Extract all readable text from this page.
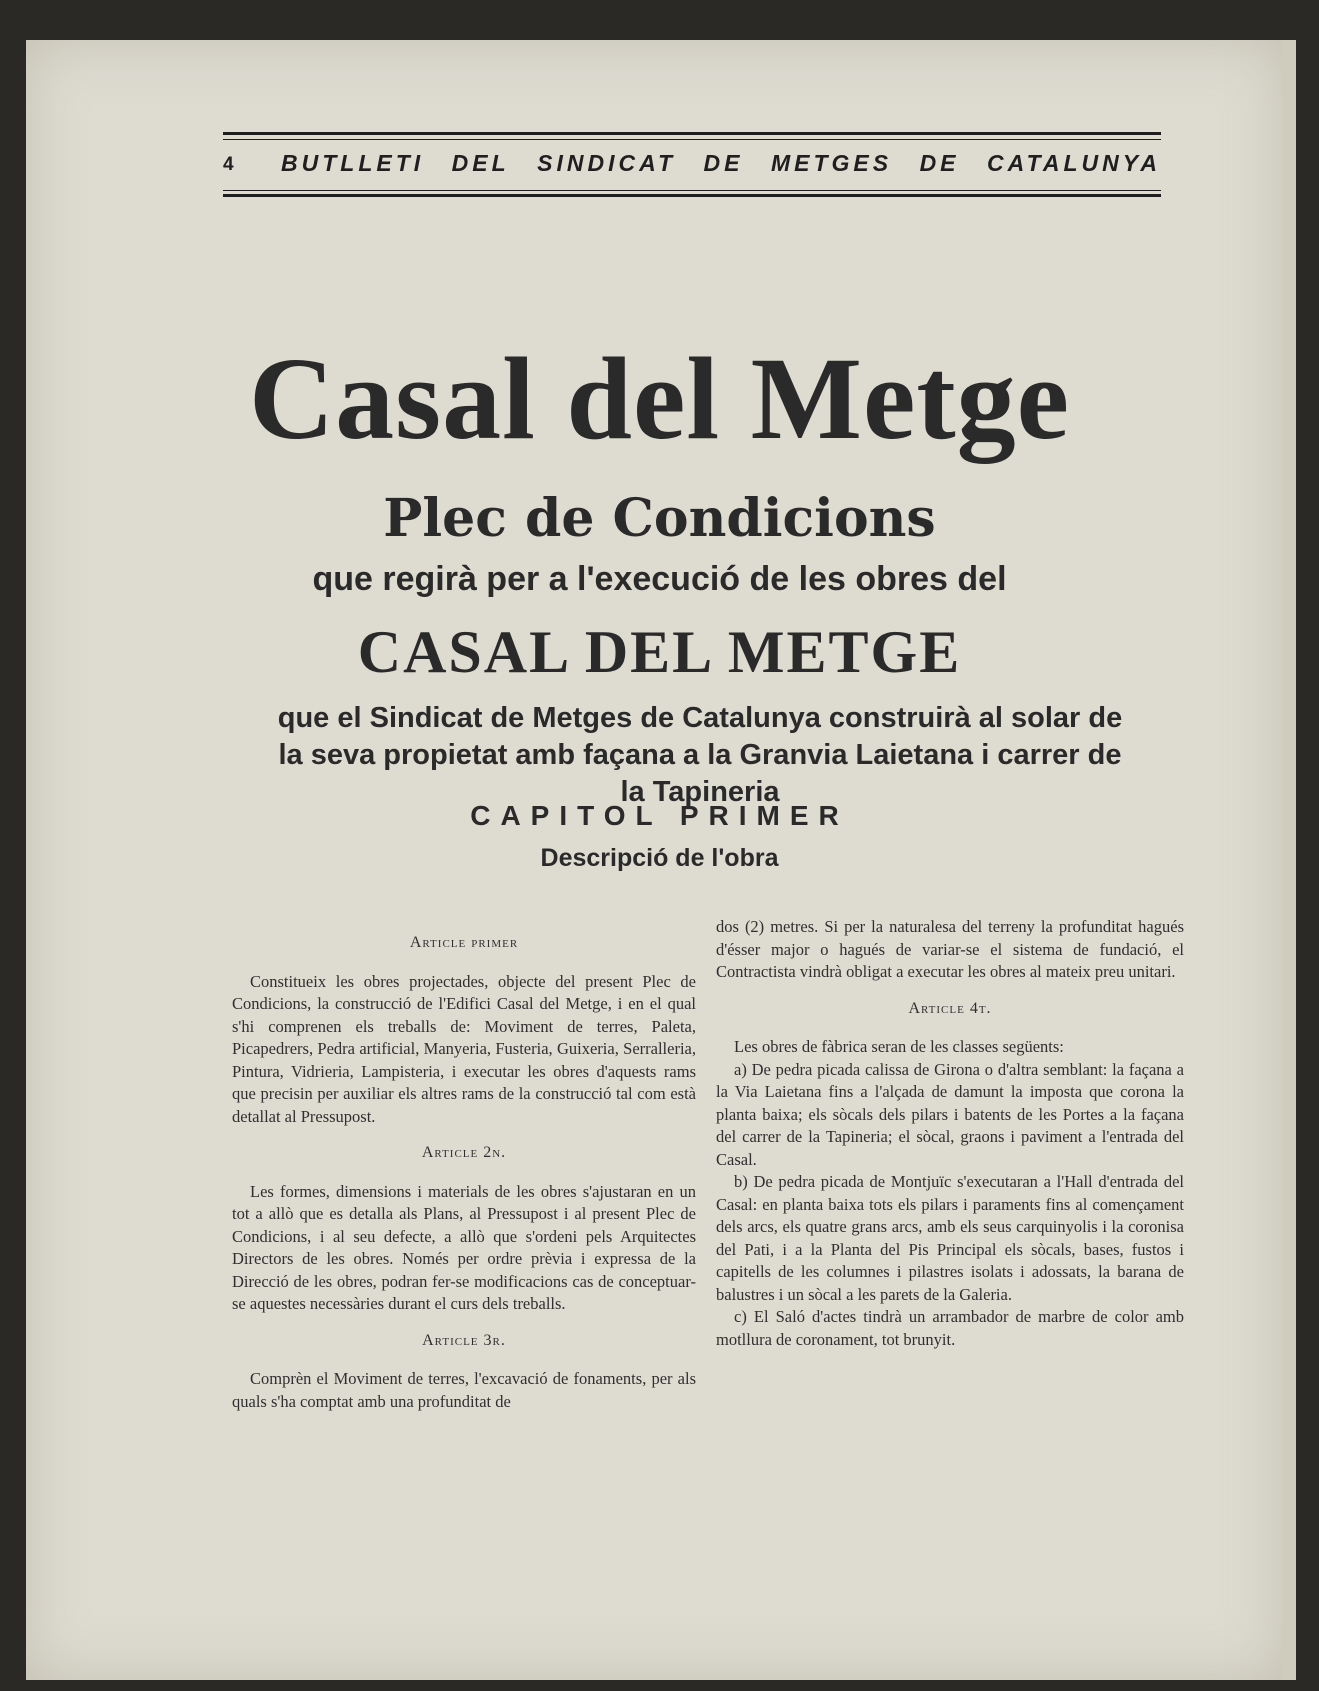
4 BUTLLETI DEL SINDICAT DE METGES DE CATALUNYA
Casal del Metge
Plec de Condicions
que regirà per a l'execució de les obres del
CASAL DEL METGE
que el Sindicat de Metges de Catalunya construirà al solar de la seva propietat amb façana a la Granvia Laietana i carrer de la Tapineria
CAPITOL PRIMER
Descripció de l'obra
Article primer

Constitueix les obres projectades, objecte del present Plec de Condicions, la construcció de l'Edifici Casal del Metge, i en el qual s'hi comprenen els treballs de: Moviment de terres, Paleta, Picapedrers, Pedra artificial, Manyeria, Fusteria, Guixeria, Serralleria, Pintura, Vidrieria, Lampisteria, i executar les obres d'aquests rams que precisin per auxiliar els altres rams de la construcció tal com està detallat al Pressupost.

Article 2n.

Les formes, dimensions i materials de les obres s'ajustaran en un tot a allò que es detalla als Plans, al Pressupost i al present Plec de Condicions, i al seu defecte, a allò que s'ordeni pels Arquitectes Directors de les obres. Només per ordre prèvia i expressa de la Direcció de les obres, podran fer-se modificacions cas de conceptuar-se aquestes necessàries durant el curs dels treballs.

Article 3r.

Comprèn el Moviment de terres, l'excavació de fonaments, per als quals s'ha comptat amb una profunditat de

dos (2) metres. Si per la naturalesa del terreny la profunditat hagués d'ésser major o hagués de variar-se el sistema de fundació, el Contractista vindrà obligat a executar les obres al mateix preu unitari.

Article 4t.

Les obres de fàbrica seran de les classes següents:

a) De pedra picada calissa de Girona o d'altra semblant: la façana a la Via Laietana fins a l'alçada de damunt la imposta que corona la planta baixa; els sòcals dels pilars i batents de les Portes a la façana del carrer de la Tapineria; el sòcal, graons i paviment a l'entrada del Casal.

b) De pedra picada de Montjuïc s'executaran a l'Hall d'entrada del Casal: en planta baixa tots els pilars i paraments fins al començament dels arcs, els quatre grans arcs, amb els seus carquinyolis i la coronisa del Pati, i a la Planta del Pis Principal els sòcals, bases, fustos i capitells de les columnes i pilastres isolats i adossats, la barana de balustres i un sòcal a les parets de la Galeria.

c) El Saló d'actes tindrà un arrambador de marbre de color amb motllura de coronament, tot brunyit.
